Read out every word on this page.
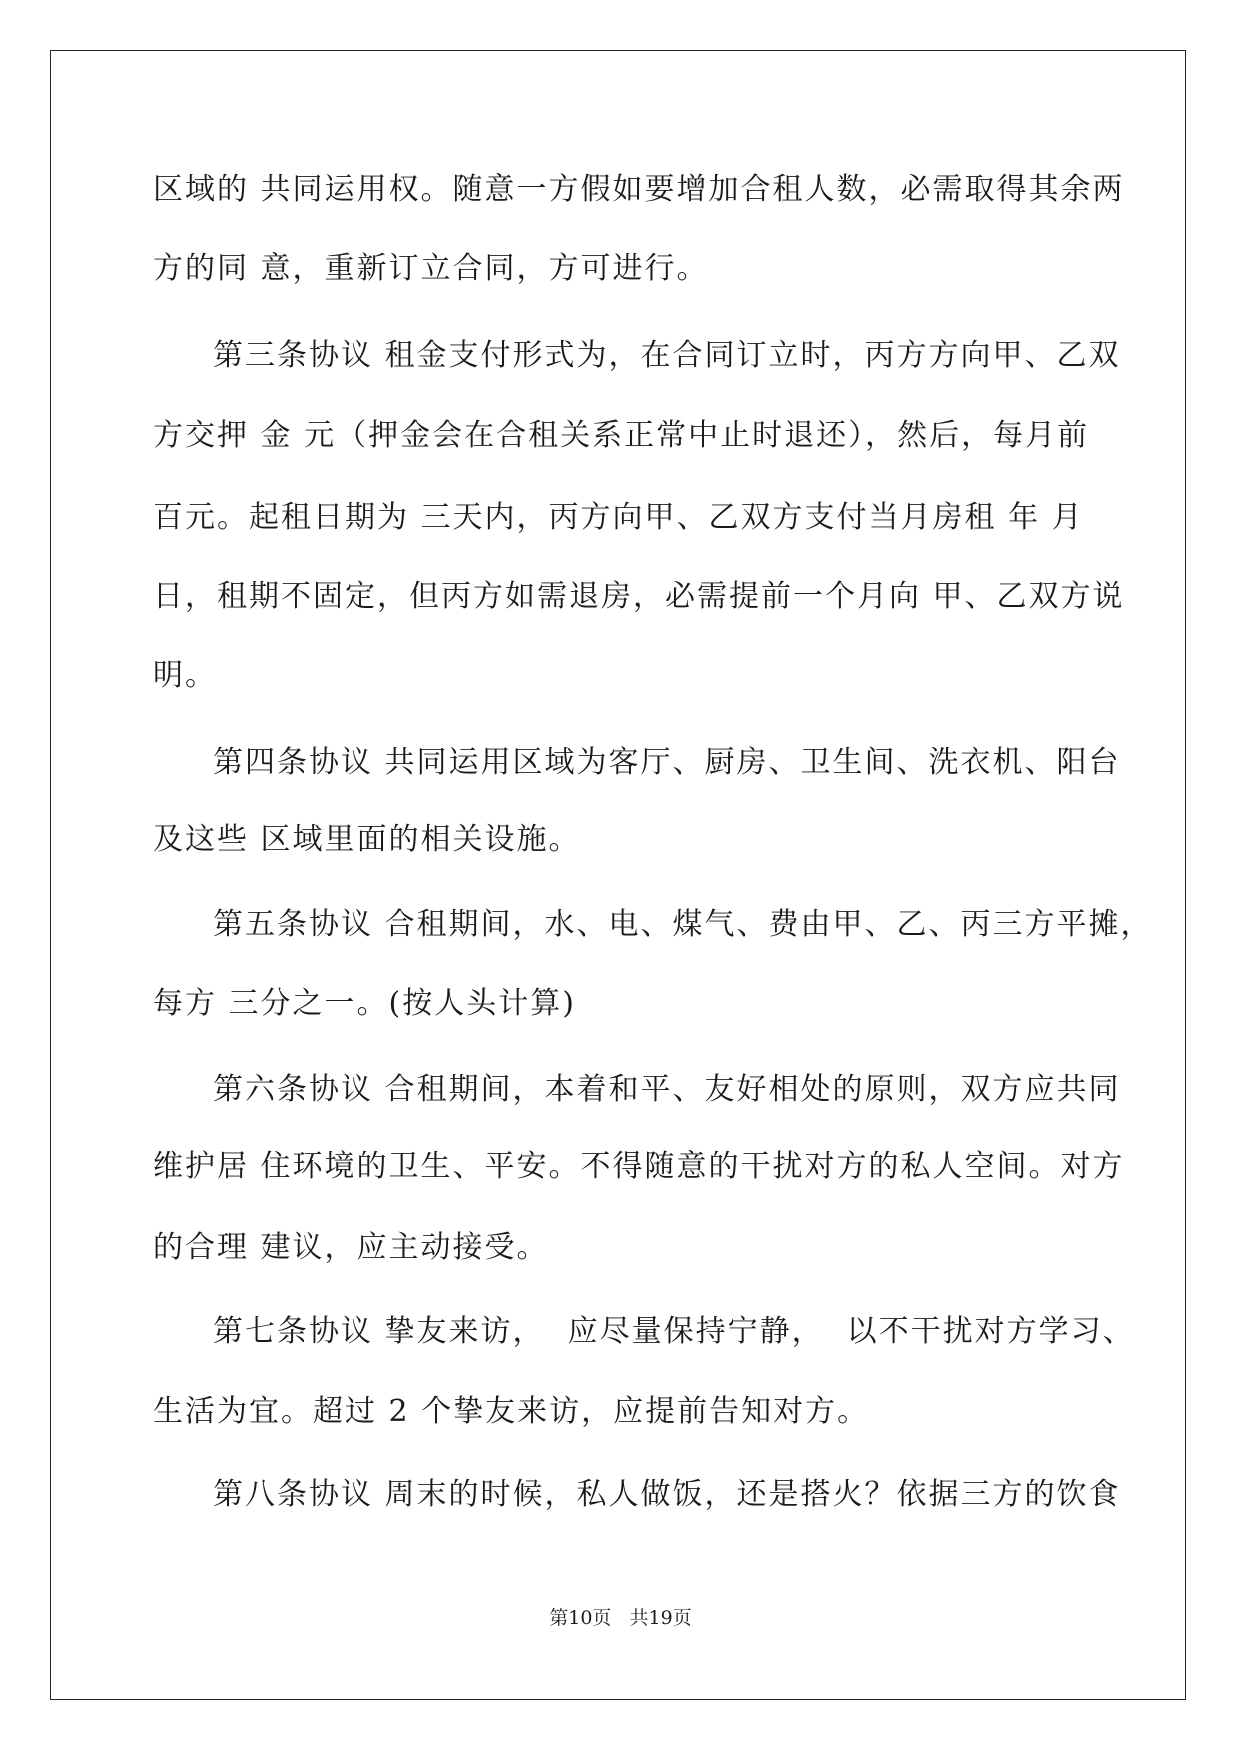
区域的 共同运用权。随意一方假如要增加合租人数，必需取得其余两
方的同 意，重新订立合同，方可进行。
第三条协议 租金支付形式为，在合同订立时，丙方方向甲、乙双
方交押 金 元（押金会在合租关系正常中止时退还），然后，每月前
百元。起租日期为 三天内，丙方向甲、乙双方支付当月房租 年 月
日，租期不固定，但丙方如需退房，必需提前一个月向 甲、乙双方说
明。
第四条协议 共同运用区域为客厅、厨房、卫生间、洗衣机、阳台
及这些 区域里面的相关设施。
第五条协议 合租期间，水、电、煤气、费由甲、乙、丙三方平摊，
每方 三分之一。(按人头计算)
第六条协议 合租期间，本着和平、友好相处的原则，双方应共同
维护居 住环境的卫生、平安。不得随意的干扰对方的私人空间。对方
的合理 建议，应主动接受。
第七条协议 挚友来访，  应尽量保持宁静，  以不干扰对方学习、
生活为宜。超过 2 个挚友来访，应提前告知对方。
第八条协议 周末的时候，私人做饭，还是搭火？依据三方的饮食
第10页   共19页
